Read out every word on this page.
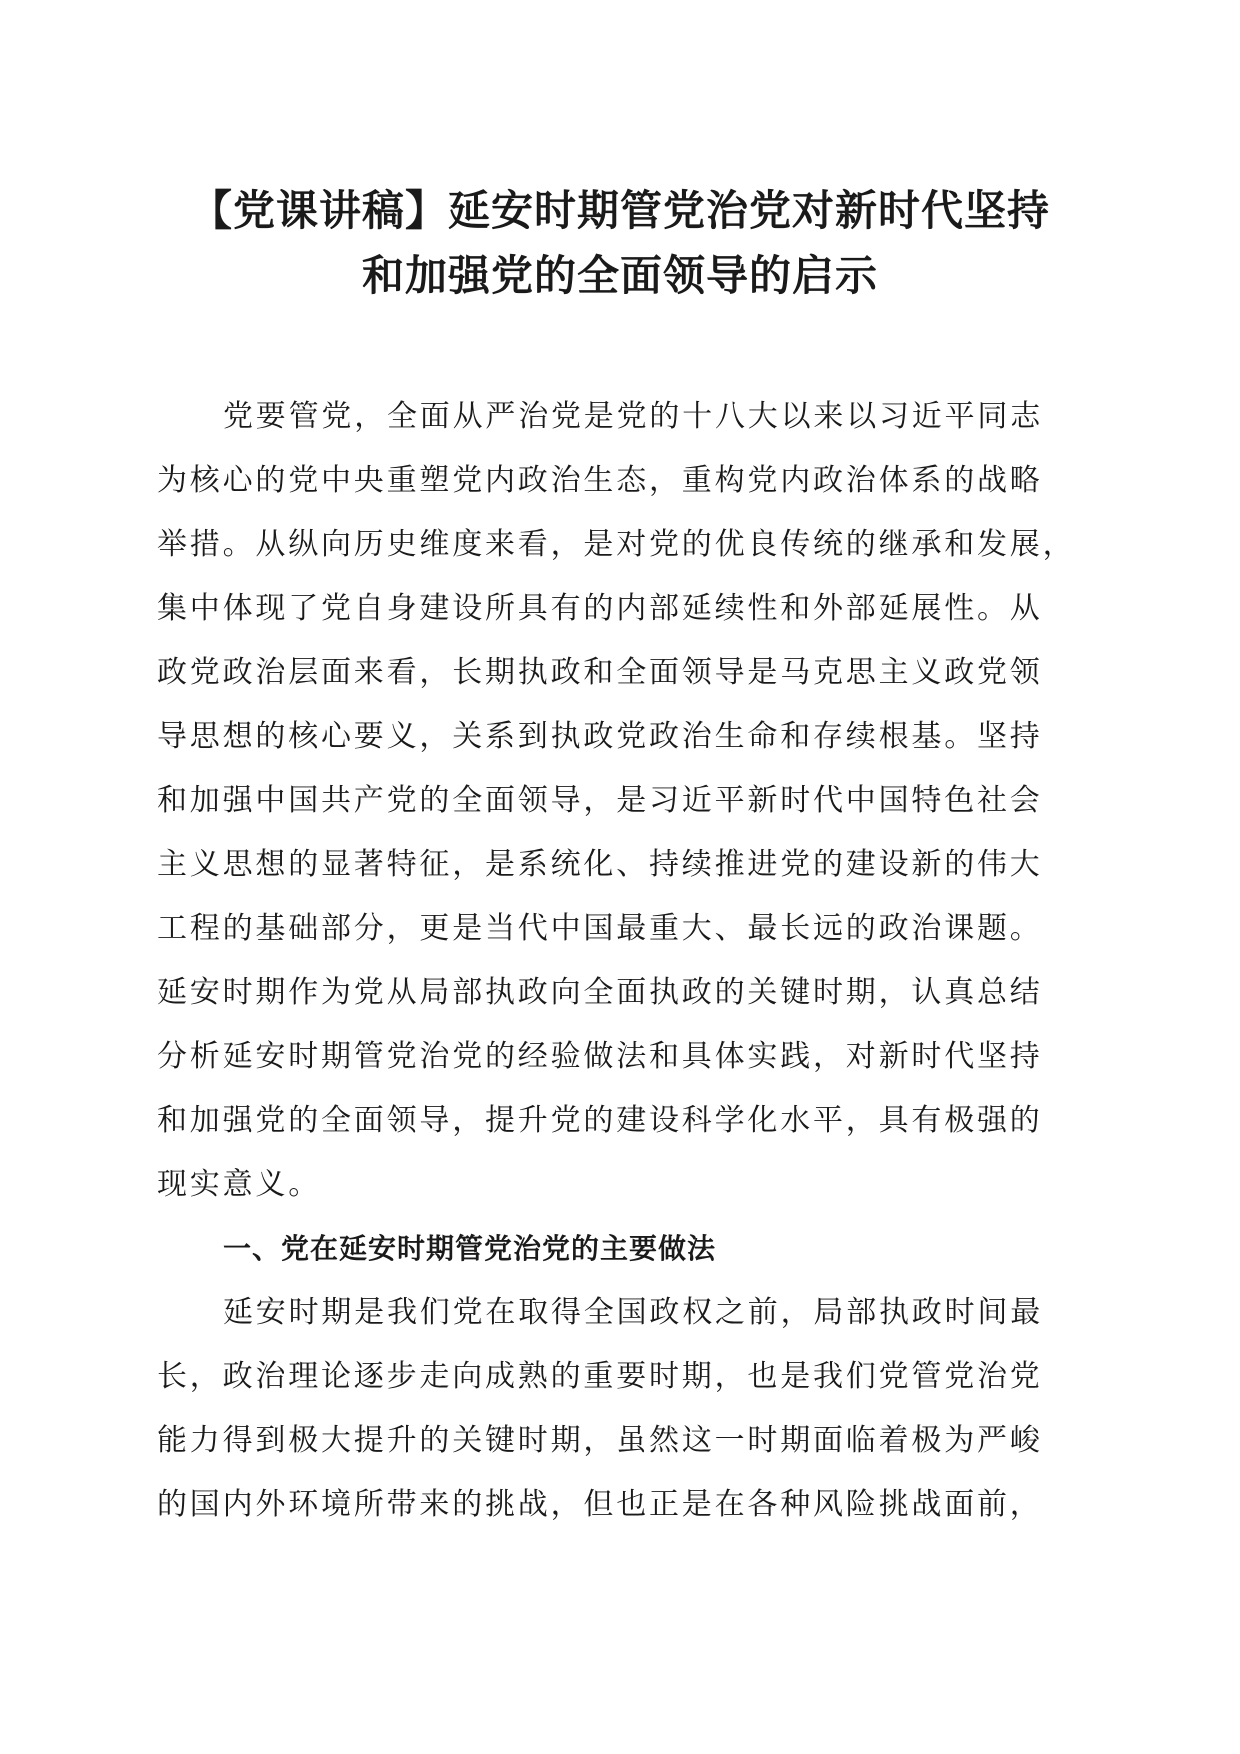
【党课讲稿】延安时期管党治党对新时代坚持
和加强党的全面领导的启示
党要管党，全面从严治党是党的十八大以来以习近平同志
为核心的党中央重塑党内政治生态，重构党内政治体系的战略
举措。从纵向历史维度来看，是对党的优良传统的继承和发展，
集中体现了党自身建设所具有的内部延续性和外部延展性。从
政党政治层面来看，长期执政和全面领导是马克思主义政党领
导思想的核心要义，关系到执政党政治生命和存续根基。坚持
和加强中国共产党的全面领导，是习近平新时代中国特色社会
主义思想的显著特征，是系统化、持续推进党的建设新的伟大
工程的基础部分，更是当代中国最重大、最长远的政治课题。
延安时期作为党从局部执政向全面执政的关键时期，认真总结
分析延安时期管党治党的经验做法和具体实践，对新时代坚持
和加强党的全面领导，提升党的建设科学化水平，具有极强的
现实意义。
一、党在延安时期管党治党的主要做法
延安时期是我们党在取得全国政权之前，局部执政时间最
长，政治理论逐步走向成熟的重要时期，也是我们党管党治党
能力得到极大提升的关键时期，虽然这一时期面临着极为严峻
的国内外环境所带来的挑战，但也正是在各种风险挑战面前，
